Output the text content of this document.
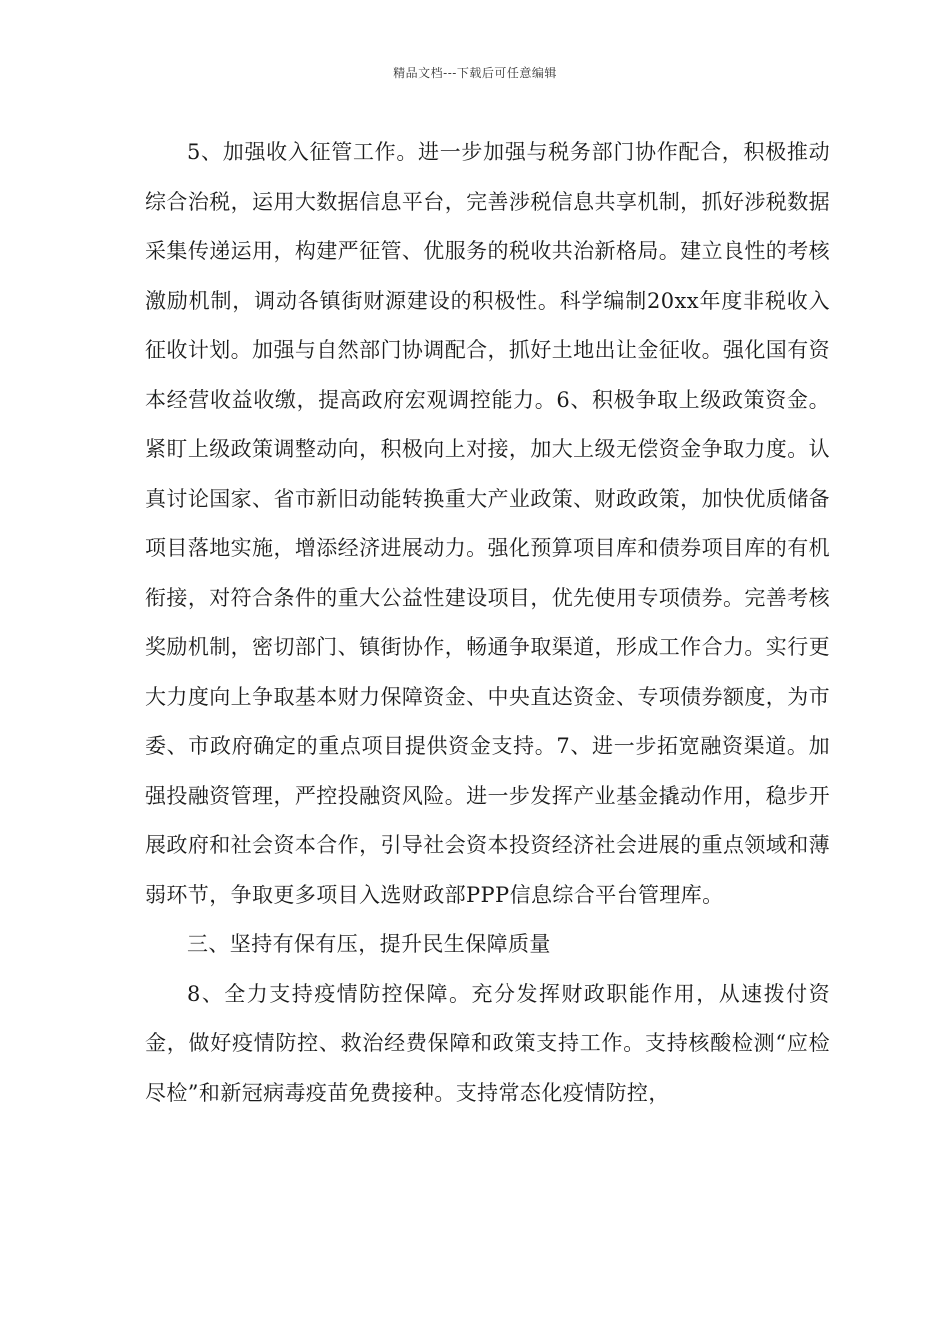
精品文档---下载后可任意编辑

5、加强收入征管工作。进一步加强与税务部门协作配合，积极推动综合治税，运用大数据信息平台，完善涉税信息共享机制，抓好涉税数据采集传递运用，构建严征管、优服务的税收共治新格局。建立良性的考核激励机制，调动各镇街财源建设的积极性。科学编制20xx年度非税收入征收计划。加强与自然部门协调配合，抓好土地出让金征收。强化国有资本经营收益收缴，提高政府宏观调控能力。6、积极争取上级政策资金。紧盯上级政策调整动向，积极向上对接，加大上级无偿资金争取力度。认真讨论国家、省市新旧动能转换重大产业政策、财政政策，加快优质储备项目落地实施，增添经济进展动力。强化预算项目库和债券项目库的有机衔接，对符合条件的重大公益性建设项目，优先使用专项债券。完善考核奖励机制，密切部门、镇街协作，畅通争取渠道，形成工作合力。实行更大力度向上争取基本财力保障资金、中央直达资金、专项债券额度，为市委、市政府确定的重点项目提供资金支持。7、进一步拓宽融资渠道。加强投融资管理，严控投融资风险。进一步发挥产业基金撬动作用，稳步开展政府和社会资本合作，引导社会资本投资经济社会进展的重点领域和薄弱环节，争取更多项目入选财政部PPP信息综合平台管理库。

三、坚持有保有压，提升民生保障质量

8、全力支持疫情防控保障。充分发挥财政职能作用，从速拨付资金，做好疫情防控、救治经费保障和政策支持工作。支持核酸检测“应检尽检”和新冠病毒疫苗免费接种。支持常态化疫情防控，
